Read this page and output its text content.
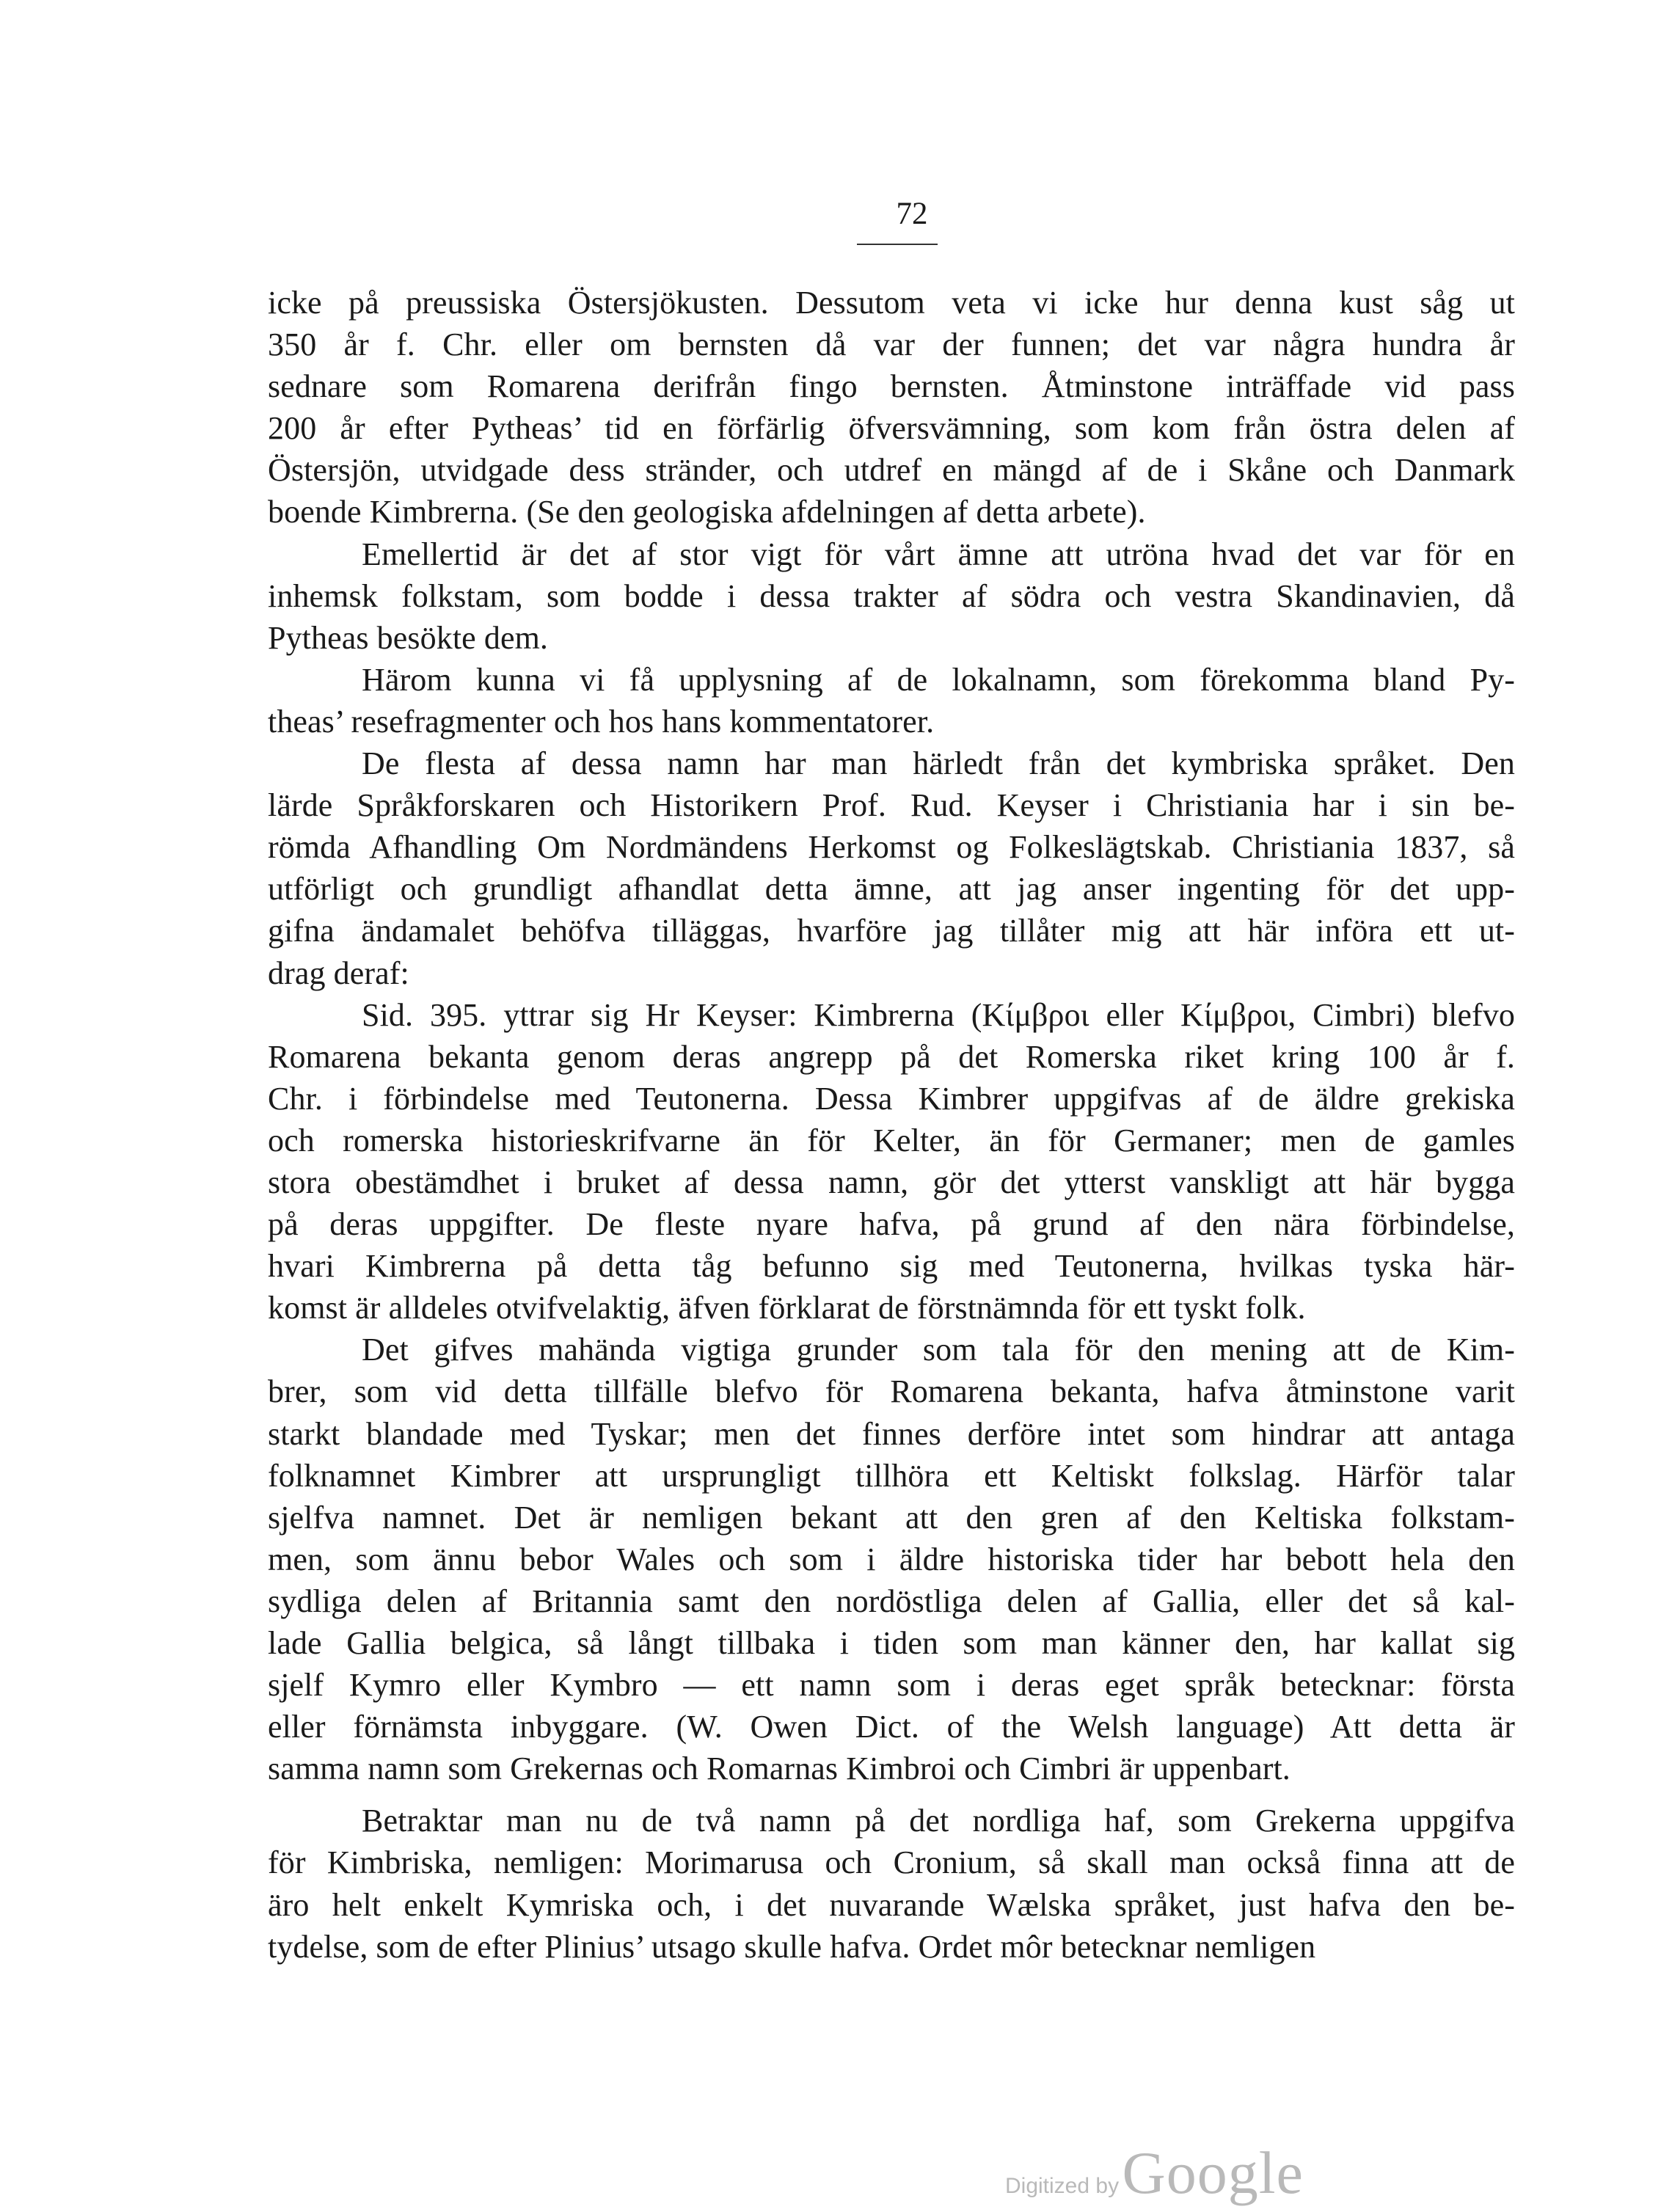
72
icke på preussiska Östersjökusten. Dessutom veta vi icke hur denna kust såg ut
350 år f. Chr. eller om bernsten då var der funnen; det var några hundra år
sednare som Romarena derifrån fingo bernsten. Åtminstone inträffade vid pass
200 år efter Pytheas’ tid en förfärlig öfversvämning, som kom från östra delen af
Östersjön, utvidgade dess stränder, och utdref en mängd af de i Skåne och Danmark
boende Kimbrerna. (Se den geologiska afdelningen af detta arbete).
Emellertid är det af stor vigt för vårt ämne att utröna hvad det var för en
inhemsk folkstam, som bodde i dessa trakter af södra och vestra Skandinavien, då
Pytheas besökte dem.
Härom kunna vi få upplysning af de lokalnamn, som förekomma bland Py-
theas’ resefragmenter och hos hans kommentatorer.
De flesta af dessa namn har man härledt från det kymbriska språket. Den
lärde Språkforskaren och Historikern Prof. Rud. Keyser i Christiania har i sin be-
römda Afhandling Om Nordmändens Herkomst og Folkeslägtskab. Christiania 1837, så
utförligt och grundligt afhandlat detta ämne, att jag anser ingenting för det upp-
gifna ändamalet behöfva tilläggas, hvarföre jag tillåter mig att här införa ett ut-
drag deraf:
Sid. 395. yttrar sig Hr Keyser: Kimbrerna (Κίμβροι eller Κίμβροι, Cimbri) blefvo
Romarena bekanta genom deras angrepp på det Romerska riket kring 100 år f.
Chr. i förbindelse med Teutonerna. Dessa Kimbrer uppgifvas af de äldre grekiska
och romerska historieskrifvarne än för Kelter, än för Germaner; men de gamles
stora obestämdhet i bruket af dessa namn, gör det ytterst vanskligt att här bygga
på deras uppgifter. De fleste nyare hafva, på grund af den nära förbindelse,
hvari Kimbrerna på detta tåg befunno sig med Teutonerna, hvilkas tyska här-
komst är alldeles otvifvelaktig, äfven förklarat de förstnämnda för ett tyskt folk.
Det gifves mahända vigtiga grunder som tala för den mening att de Kim-
brer, som vid detta tillfälle blefvo för Romarena bekanta, hafva åtminstone varit
starkt blandade med Tyskar; men det finnes derföre intet som hindrar att antaga
folknamnet Kimbrer att ursprungligt tillhöra ett Keltiskt folkslag. Härför talar
sjelfva namnet. Det är nemligen bekant att den gren af den Keltiska folkstam-
men, som ännu bebor Wales och som i äldre historiska tider har bebott hela den
sydliga delen af Britannia samt den nordöstliga delen af Gallia, eller det så kal-
lade Gallia belgica, så långt tillbaka i tiden som man känner den, har kallat sig
sjelf Kymro eller Kymbro — ett namn som i deras eget språk betecknar: första
eller förnämsta inbyggare. (W. Owen Dict. of the Welsh language) Att detta är
samma namn som Grekernas och Romarnas Kimbroi och Cimbri är uppenbart.
Betraktar man nu de två namn på det nordliga haf, som Grekerna uppgifva
för Kimbriska, nemligen: Morimarusa och Cronium, så skall man också finna att de
äro helt enkelt Kymriska och, i det nuvarande Wælska språket, just hafva den be-
tydelse, som de efter Plinius’ utsago skulle hafva. Ordet môr betecknar nemligen
Digitized by Google
